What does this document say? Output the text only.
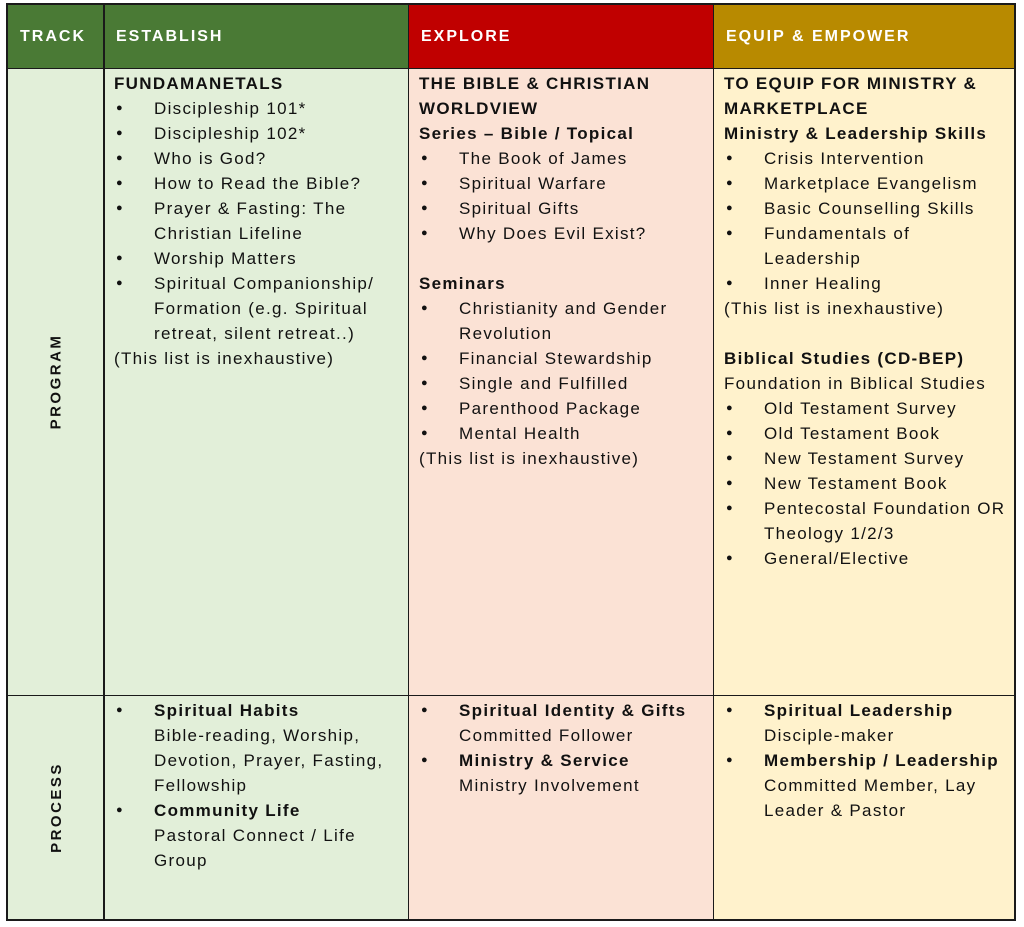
TRACK ESTABLISH	EXPLORE	EQUIP & EMPOWER
PROGRAM
PROCESS
FUNDAMANETALS
● Discipleship 101*
● Discipleship 102*
● Who is God?
● How to Read the Bible?
● Prayer & Fasting: The Christian Lifeline
● Worship Matters
● Spiritual Companionship/ Formation (e.g. Spiritual retreat, silent retreat..)
(This list is inexhaustive)
THE BIBLE & CHRISTIAN WORLDVIEW
Series – Bible / Topical
● The Book of James
● Spiritual Warfare
● Spiritual Gifts
● Why Does Evil Exist?
Seminars
● Christianity and Gender Revolution
● Financial Stewardship
● Single and Fulfilled
● Parenthood Package
● Mental Health
(This list is inexhaustive)
TO EQUIP FOR MINISTRY & MARKETPLACE
Ministry & Leadership Skills
● Crisis Intervention
● Marketplace Evangelism
● Basic Counselling Skills
● Fundamentals of Leadership
● Inner Healing
(This list is inexhaustive)
Biblical Studies (CD-BEP)
Foundation in Biblical Studies
● Old Testament Survey
● Old Testament Book
● New Testament Survey
● New Testament Book
● Pentecostal Foundation OR Theology 1/2/3
● General/Elective
● Spiritual Habits
Bible-reading, Worship, Devotion, Prayer, Fasting, Fellowship
● Community Life
Pastoral Connect / Life Group
● Spiritual Identity & Gifts
Committed Follower
● Ministry & Service
Ministry Involvement
● Spiritual Leadership
Disciple-maker
● Membership / Leadership
Committed Member, Lay Leader & Pastor
